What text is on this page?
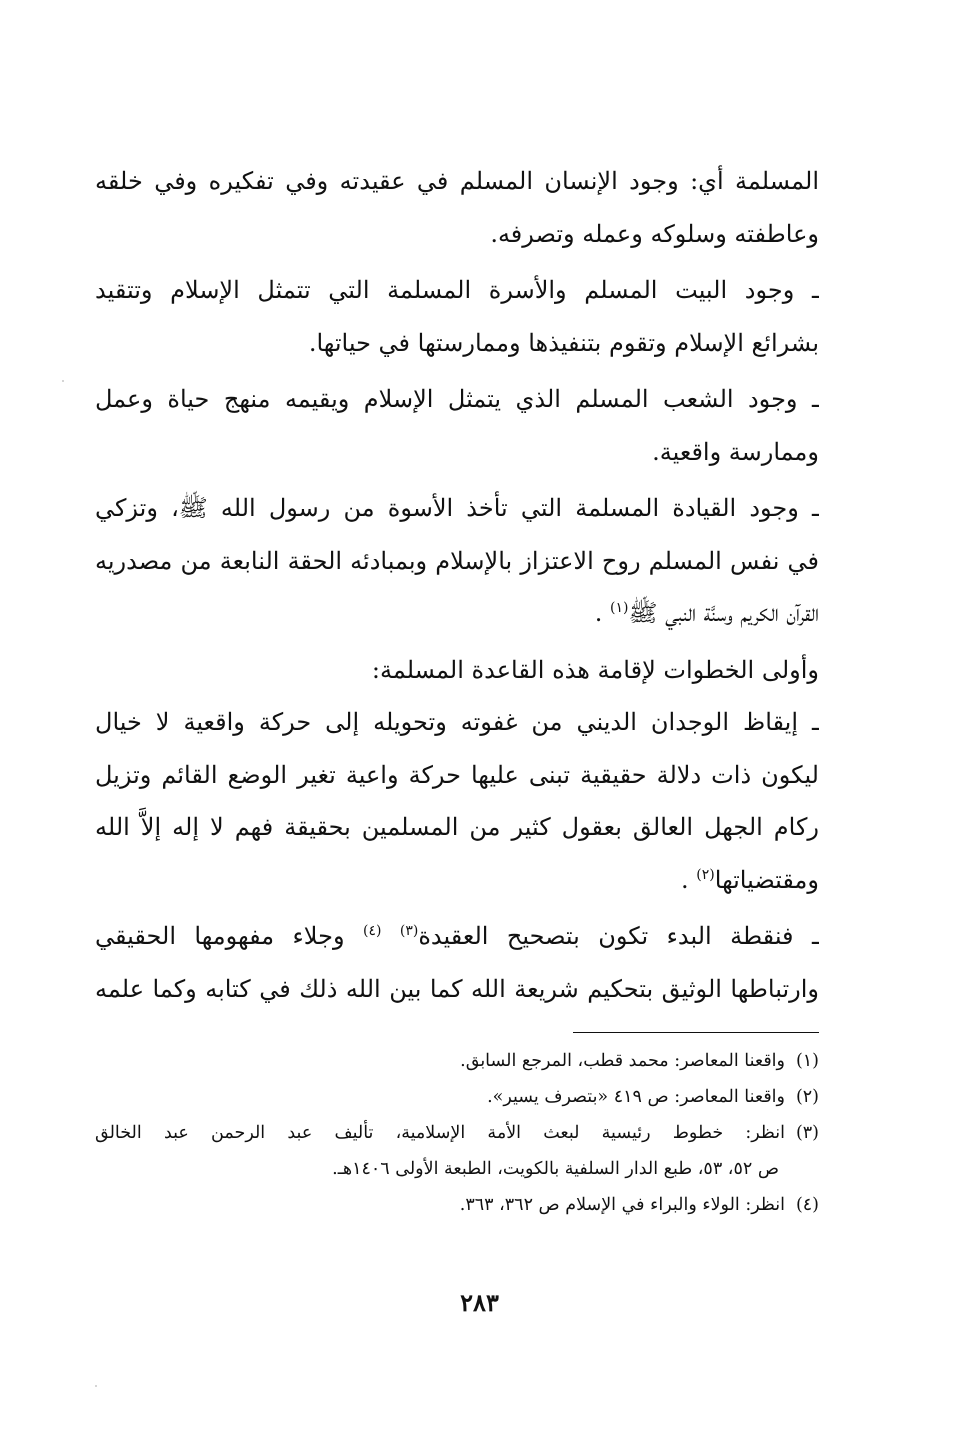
المسلمة أي: وجود الإنسان المسلم في عقيدته وفي تفكيره وفي خلقه
وعاطفته وسلوكه وعمله وتصرفه.
ـ وجود البيت المسلم والأسرة المسلمة التي تتمثل الإسلام وتتقيد
بشرائع الإسلام وتقوم بتنفيذها وممارستها في حياتها.
ـ وجود الشعب المسلم الذي يتمثل الإسلام ويقيمه منهج حياة وعمل
وممارسة واقعية.
ـ وجود القيادة المسلمة التي تأخذ الأسوة من رسول الله ﷺ، وتزكي
في نفس المسلم روح الاعتزاز بالإسلام وبمبادئه الحقة النابعة من مصدريه
القرآن الكريم وسنَّة النبي ﷺ$^{(١)}$ .
وأولى الخطوات لإقامة هذه القاعدة المسلمة:
ـ إيقاظ الوجدان الديني من غفوته وتحويله إلى حركة واقعية لا خيال
ليكون ذات دلالة حقيقية تبنى عليها حركة واعية تغير الوضع القائم وتزيل
ركام الجهل العالق بعقول كثير من المسلمين بحقيقة فهم لا إله إلاَّ الله
ومقتضياتها$^{(٢)}$ .
ـ فنقطة البدء تكون بتصحيح العقيدة$^{(٣)}$ $^{(٤)}$ وجلاء مفهومها الحقيقي
وارتباطها الوثيق بتحكيم شريعة الله كما بين الله ذلك في كتابه وكما علمه
(١)واقعنا المعاصر: محمد قطب، المرجع السابق.
(٢)واقعنا المعاصر: ص ٤١٩ «بتصرف يسير».
(٣)انظر: خطوط رئيسية لبعث الأمة الإسلامية، تأليف عبد الرحمن عبد الخالق
ص ٥٢، ٥٣، طبع الدار السلفية بالكويت، الطبعة الأولى ١٤٠٦هـ.
(٤)انظر: الولاء والبراء في الإسلام ص ٣٦٢، ٣٦٣.
٢٨٣
